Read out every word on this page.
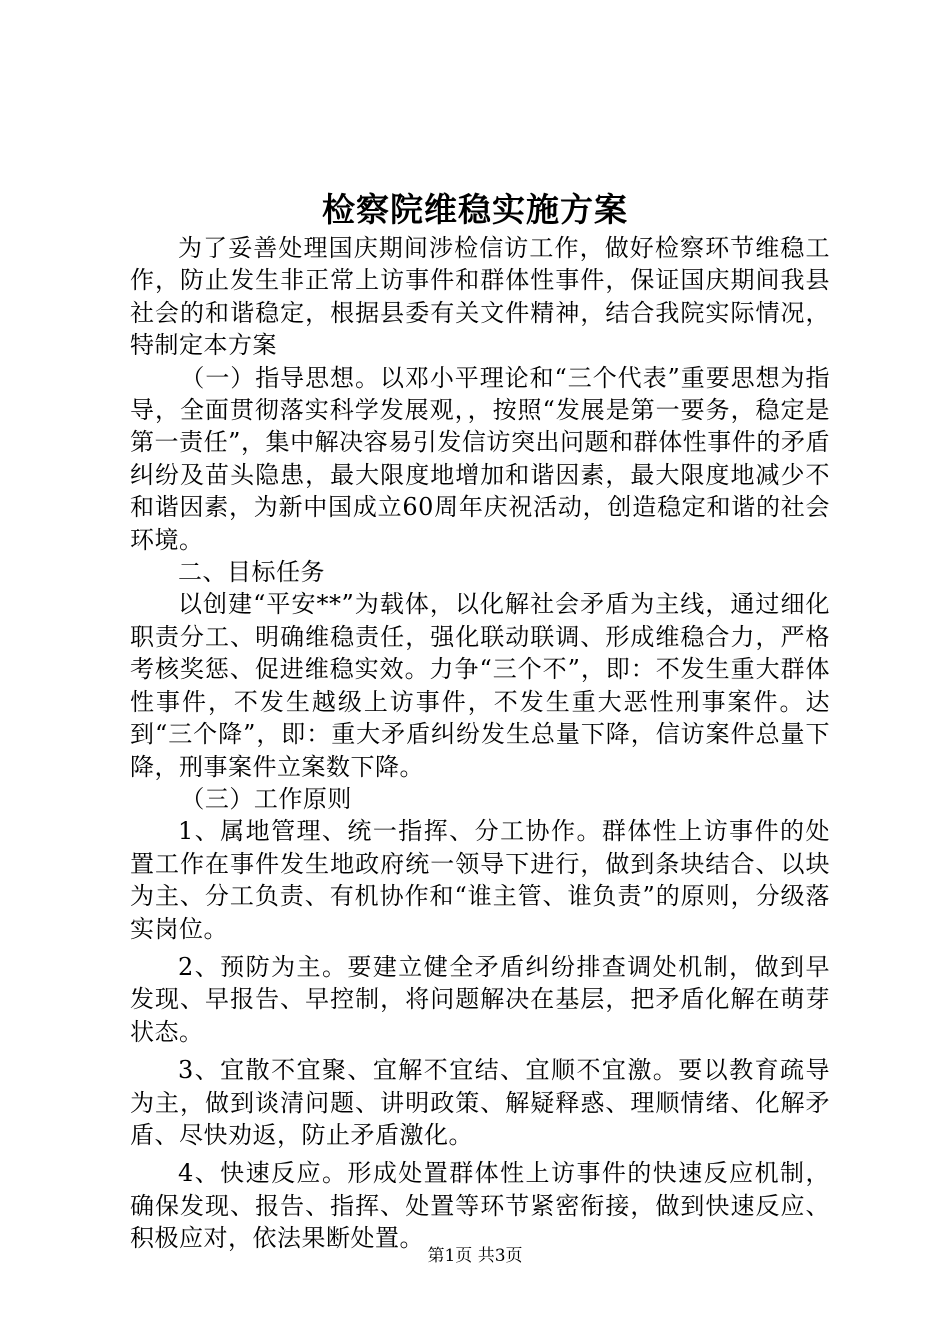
检察院维稳实施方案

为了妥善处理国庆期间涉检信访工作，做好检察环节维稳工作，防止发生非正常上访事件和群体性事件，保证国庆期间我县社会的和谐稳定，根据县委有关文件精神，结合我院实际情况，特制定本方案

（一）指导思想。以邓小平理论和“三个代表”重要思想为指导，全面贯彻落实科学发展观，，按照“发展是第一要务，稳定是第一责任”，集中解决容易引发信访突出问题和群体性事件的矛盾纠纷及苗头隐患，最大限度地增加和谐因素，最大限度地减少不和谐因素，为新中国成立60周年庆祝活动，创造稳定和谐的社会环境。

二、目标任务

以创建“平安**”为载体，以化解社会矛盾为主线，通过细化职责分工、明确维稳责任，强化联动联调、形成维稳合力，严格考核奖惩、促进维稳实效。力争“三个不”，即：不发生重大群体性事件，不发生越级上访事件，不发生重大恶性刑事案件。达到“三个降”，即：重大矛盾纠纷发生总量下降，信访案件总量下降，刑事案件立案数下降。

（三）工作原则

1、属地管理、统一指挥、分工协作。群体性上访事件的处置工作在事件发生地政府统一领导下进行，做到条块结合、以块为主、分工负责、有机协作和“谁主管、谁负责”的原则，分级落实岗位。

2、预防为主。要建立健全矛盾纠纷排查调处机制，做到早发现、早报告、早控制，将问题解决在基层，把矛盾化解在萌芽状态。

3、宜散不宜聚、宜解不宜结、宜顺不宜激。要以教育疏导为主，做到谈清问题、讲明政策、解疑释惑、理顺情绪、化解矛盾、尽快劝返，防止矛盾激化。

4、快速反应。形成处置群体性上访事件的快速反应机制，确保发现、报告、指挥、处置等环节紧密衔接，做到快速反应、积极应对，依法果断处置。

第1页 共3页
